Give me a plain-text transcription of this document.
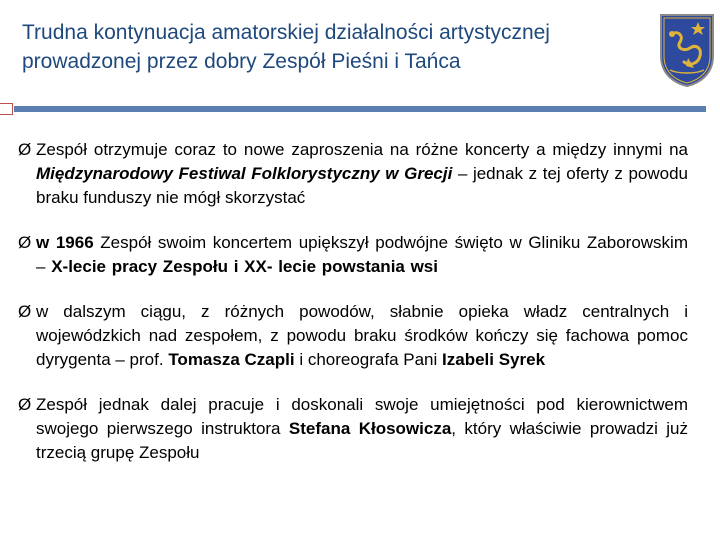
Trudna kontynuacja amatorskiej działalności artystycznej
prowadzonej przez dobry Zespół Pieśni i Tańca
Ø Zespół otrzymuje coraz to nowe zaproszenia na różne koncerty a między innymi na Międzynarodowy Festiwal Folklorystyczny w Grecji – jednak z tej oferty z powodu braku funduszy nie mógł skorzystać
Ø w 1966 Zespół swoim koncertem upiększył podwójne święto w Gliniku Zaborowskim – X-lecie pracy Zespołu i XX- lecie powstania wsi
Ø w dalszym ciągu, z różnych powodów, słabnie opieka władz centralnych i wojewódzkich nad zespołem, z powodu braku środków kończy się fachowa pomoc dyrygenta – prof. Tomasza Czapli i choreografa Pani Izabeli Syrek
Ø Zespół jednak dalej pracuje i doskonali swoje umiejętności pod kierownictwem swojego pierwszego instruktora Stefana Kłosowicza, który właściwie prowadzi już trzecią grupę Zespołu
